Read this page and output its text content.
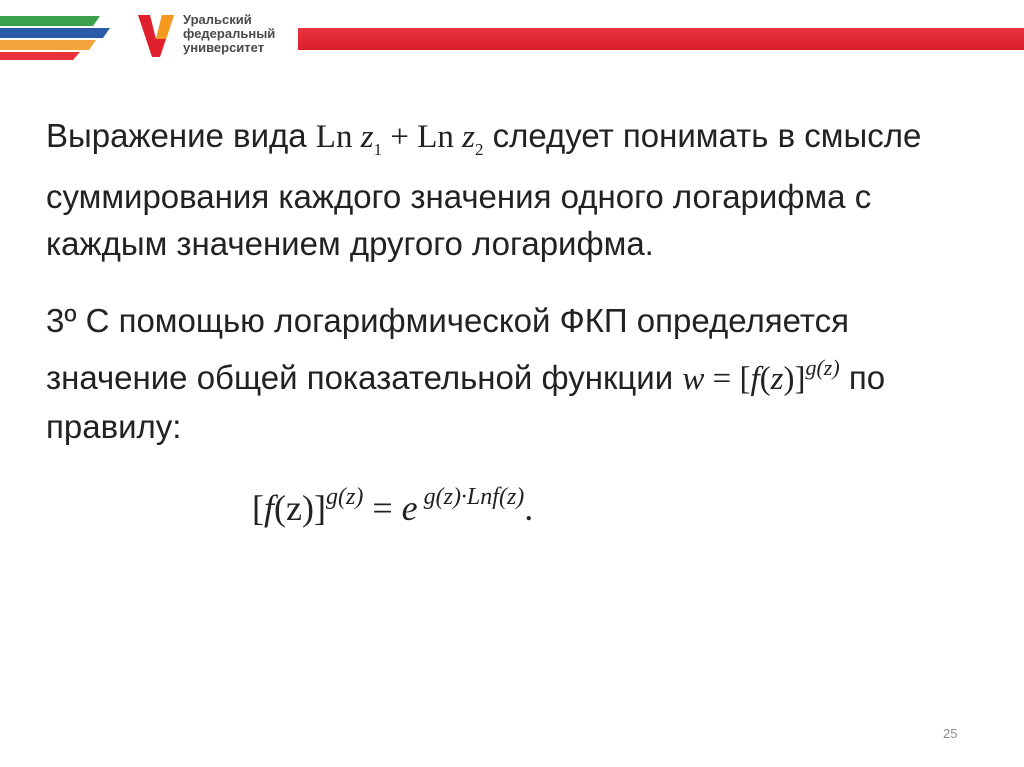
Уральский
федеральный
университет

Выражение вида Ln $z_1 + Ln$ $z_2$ следует понимать в смысле суммирования каждого значения одного логарифма с каждым значением другого логарифма.

3º С помощью логарифмической ФКП определяется значение общей показательной функции $w = [f(z)]^{g(z)}$ по правилу:

$[f(z)]^{g(z)} = e$ $^{g(z)\cdot Lnf(z)}$.
25
